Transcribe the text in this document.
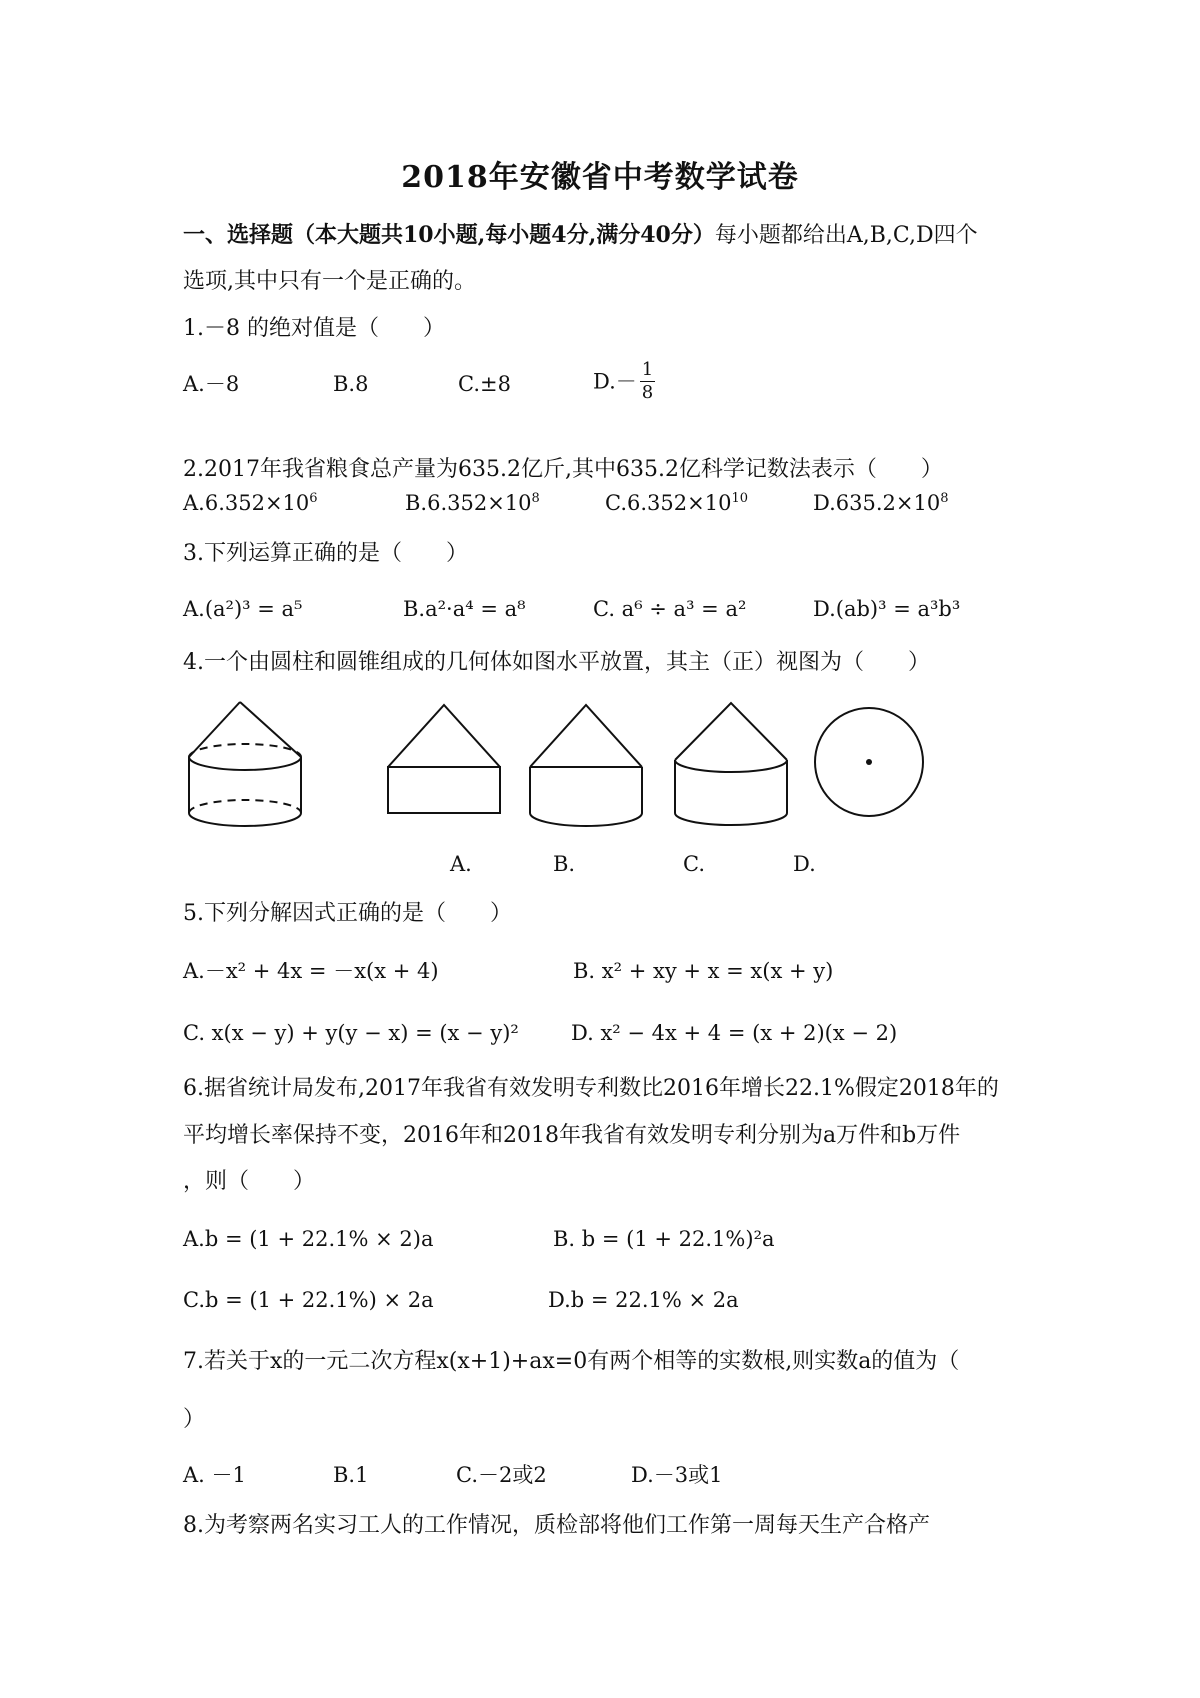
2018年安徽省中考数学试卷
一、选择题（本大题共10小题,每小题4分,满分40分）每小题都给出A,B,C,D四个
选项,其中只有一个是正确的。
1.－8 的绝对值是（　　）
A.－8	B.8	C.±8	$D.- \frac{1}{8}$
2.2017年我省粮食总产量为635.2亿斤,其中635.2亿科学记数法表示（　　）
$A.6.352\times 10^6$	$B.6.352\times 10^8$	$C.6.352\times 10^{10}$	$D.635.2\times 10^8$
3.下列运算正确的是（　　）
A.(a²)³ = a⁵	B.a²·a⁴ = a⁸	C. a⁶ ÷ a³ = a²	D.(ab)³ = a³b³
4.一个由圆柱和圆锥组成的几何体如图水平放置，其主（正）视图为（　　）
A.	B.	C.	D.
5.下列分解因式正确的是（　　）
A.－x² + 4x = －x(x + 4)	B. x² + xy + x = x(x + y)
C. x(x − y) + y(y − x) = (x − y)² D. x² − 4x + 4 = (x + 2)(x − 2)
6.据省统计局发布,2017年我省有效发明专利数比2016年增长22.1%假定2018年的
平均增长率保持不变，2016年和2018年我省有效发明专利分别为a万件和b万件
，则（　　）
A.b = (1 + 22.1% × 2)a	B. b = (1 + 22.1%)²a
C.b = (1 + 22.1%) × 2a	D.b = 22.1% × 2a
7.若关于x的一元二次方程x(x+1)+ax=0有两个相等的实数根,则实数a的值为（
）
A. －1	B.1	C.－2或2	D.－3或1
8.为考察两名实习工人的工作情况，质检部将他们工作第一周每天生产合格产
